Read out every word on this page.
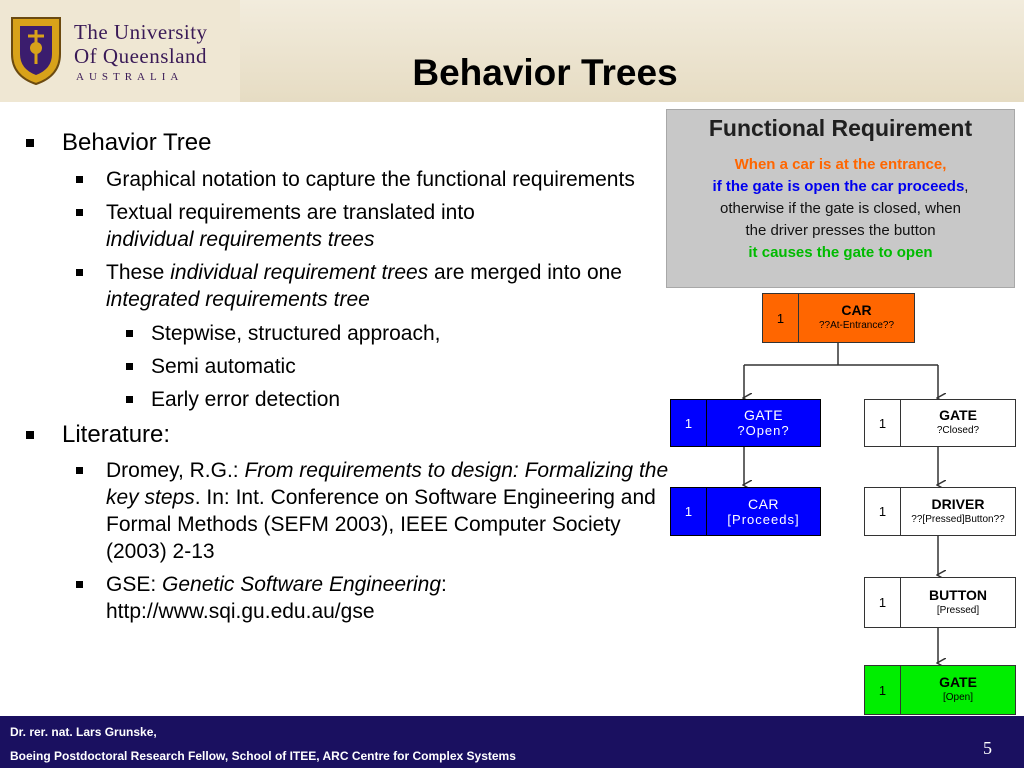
The University
Of Queensland
AUSTRALIA	Behavior Trees
Behavior Tree
Graphical notation to capture the functional requirements
Textual requirements are translated into
individual requirements trees
These individual requirement trees are merged into one integrated requirements tree
Stepwise, structured approach,
Semi automatic
Early error detection
Literature:
Dromey, R.G.: From requirements to design: Formalizing the key steps. In: Int. Conference on Software Engineering and Formal Methods (SEFM 2003), IEEE Computer Society (2003) 2-13
GSE: Genetic Software Engineering:
http://www.sqi.gu.edu.au/gse
Functional Requirement
When a car is at the entrance,
if the gate is open the car proceeds,
otherwise if the gate is closed, when
the driver presses the button
it causes the gate to open
1	CAR
??At-Entrance??
1	GATE
?Open?
1	CAR
[Proceeds]
1	GATE
?Closed?
1	DRIVER
??[Pressed]Button??
1	BUTTON
[Pressed]
1	GATE
[Open]
Dr. rer. nat. Lars Grunske,
Boeing Postdoctoral Research Fellow, School of ITEE, ARC Centre for Complex Systems	5
